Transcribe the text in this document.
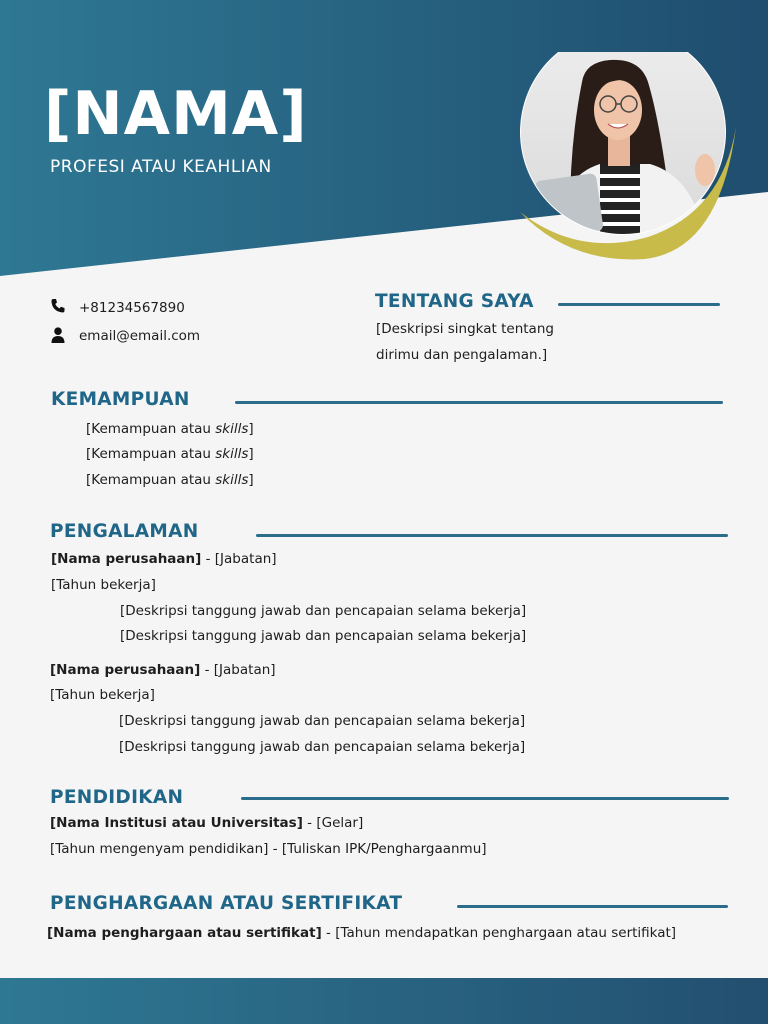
[NAMA]
PROFESI ATAU KEAHLIAN
+81234567890
email@email.com
TENTANG SAYA
[Deskripsi singkat tentang
dirimu dan pengalaman.]
KEMAMPUAN
[Kemampuan atau skills]
[Kemampuan atau skills]
[Kemampuan atau skills]
PENGALAMAN
[Nama perusahaan] - [Jabatan]
[Tahun bekerja]
[Deskripsi tanggung jawab dan pencapaian selama bekerja]
[Deskripsi tanggung jawab dan pencapaian selama bekerja]
[Nama perusahaan] - [Jabatan]
[Tahun bekerja]
[Deskripsi tanggung jawab dan pencapaian selama bekerja]
[Deskripsi tanggung jawab dan pencapaian selama bekerja]
PENDIDIKAN
[Nama Institusi atau Universitas] - [Gelar]
[Tahun mengenyam pendidikan] - [Tuliskan IPK/Penghargaanmu]
PENGHARGAAN ATAU SERTIFIKAT
[Nama penghargaan atau sertifikat] - [Tahun mendapatkan penghargaan atau sertifikat]
